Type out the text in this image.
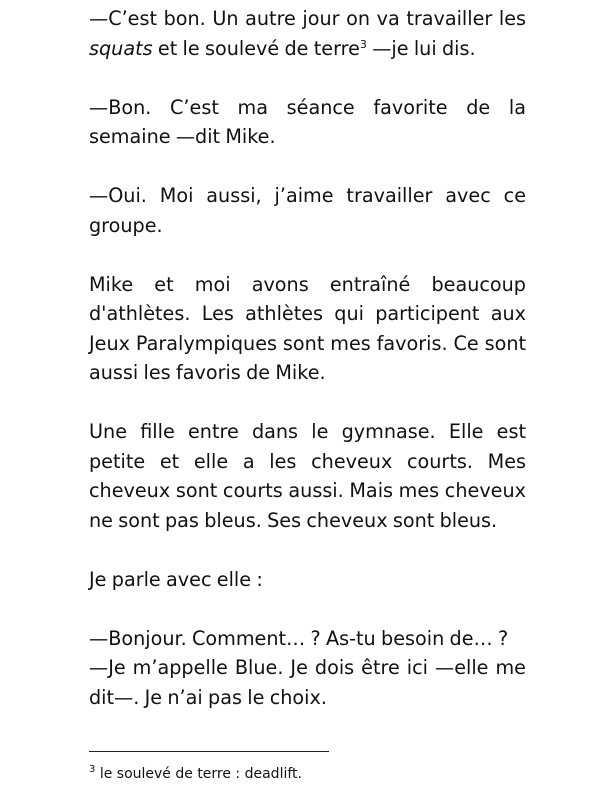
—C’est bon. Un autre jour on va travailler les squats et le soulevé de terre$^3$ —je lui dis.

—Bon. C’est ma séance favorite de la semaine —dit Mike.

—Oui. Moi aussi, j’aime travailler avec ce groupe.

Mike et moi avons entraîné beaucoup d'athlètes. Les athlètes qui participent aux Jeux Paralympiques sont mes favoris. Ce sont aussi les favoris de Mike.

Une fille entre dans le gymnase. Elle est petite et elle a les cheveux courts. Mes cheveux sont courts aussi. Mais mes cheveux ne sont pas bleus. Ses cheveux sont bleus.

Je parle avec elle :

—Bonjour. Comment… ? As-tu besoin de… ?

—Je m’appelle Blue. Je dois être ici —elle me dit—. Je n’ai pas le choix.

$^3$ le soulevé de terre : deadlift.
